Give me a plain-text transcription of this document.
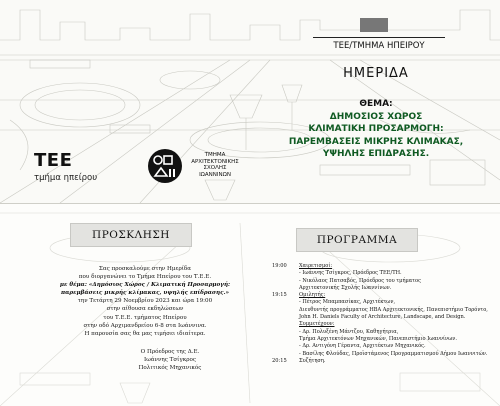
ΤΕΕ/ΤΜΗΜΑ ΗΠΕΙΡΟΥ
ΗΜΕΡΙΔΑ
ΘΕΜΑ:
ΔΗΜΟΣΙΟΣ ΧΩΡΟΣ
ΚΛΙΜΑΤΙΚΗ ΠΡΟΣΑΡΜΟΓΗ:
ΠΑΡΕΜΒΑΣΕΙΣ ΜΙΚΡΗΣ ΚΛΙΜΑΚΑΣ,
ΥΨΗΛΗΣ ΕΠΙΔΡΑΣΗΣ.
ΤΕΕ
τμήμα ηπείρου
ΤΜΗΜΑ
ΑΡΧΙΤΕΚΤΟΝΙΚΗΣ
ΣΧΟΛΗΣ
ΙΩΑΝΝΙΝΩΝ
ΠΡΟΣΚΛΗΣΗ	ΠΡΟΓΡΑΜΜΑ
Σας προσκαλούμε στην Ημερίδα
που διοργανώνει το Τμήμα Ηπείρου του Τ.Ε.Ε.
με θέμα: «Δημόσιος Χώρος / Κλιματική Προσαρμογή:
παρεμβάσεις μικρής κλίμακας, υψηλής επίδρασης.»
την Τετάρτη 29 Νοεμβρίου 2023 και ώρα 19:00
στην αίθουσα εκδηλώσεων
του Τ.Ε.Ε. τμήματος Ηπείρου
στην οδό Αρχιμανδρείου 6-8 στα Ιωάννινα.
Η παρουσία σας θα μας τιμήσει ιδιαίτερα.
Ο Πρόεδρος της Δ.Ε.
Ιωάννης Τσίγκρος
Πολιτικός Μηχανικός
19:00	Χαιρετισμοί:
- Ιωάννης Τσίγκρος, Πρόεδρος ΤΕΕ/ΤΗ.
- Νικόλαος Πατσαβός, Πρόεδρος του τμήματος
Αρχιτεκτονικής Σχολής Ιωαννίνων.
19:15	Ομιλητής:
- Πέτρος Μπαμπασίκας, Αρχιτέκτων,
Διευθυντής προγράμματος ΗΒΑ Αρχιτεκτονικής, Πανεπιστήμιο Τορόντο,
John H. Daniels Faculty of Architecture, Landscape, and Design.
Συμμετέχουν:
- Δρ. Πολυξένη Μάντζου, Καθηγήτρια,
Τμήμα Αρχιτεκτόνων Μηχανικών, Πανεπιστήμιο Ιωαννίνων.
- Δρ. Αντιγόνη Γέραντα, Αρχιτέκτων Μηχανικός.
- Βασίλης Φλούδας, Προϊστάμενος Προγραμματισμού Δήμου Ιωαννιτών.
20:15	Συζήτηση.
